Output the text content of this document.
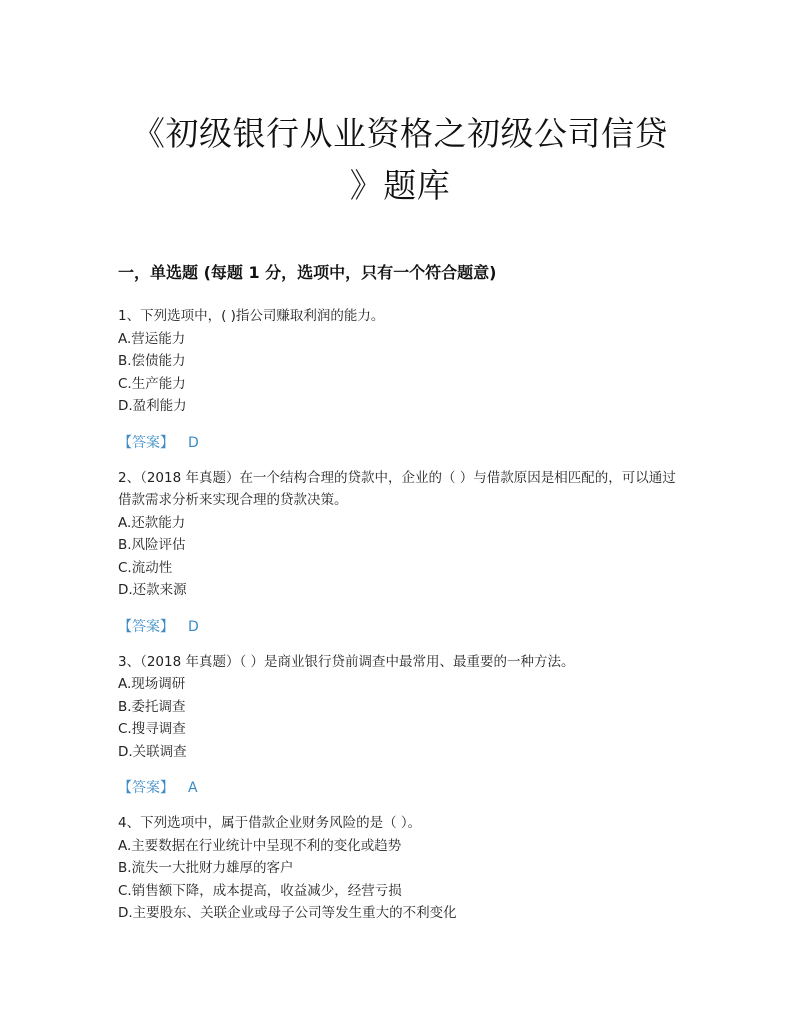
《初级银行从业资格之初级公司信贷
》题库
一，单选题 (每题 1 分，选项中，只有一个符合题意)
1、下列选项中，( )指公司赚取利润的能力。
A.营运能力
B.偿债能力
C.生产能力
D.盈利能力
【答案】 D
2、（2018 年真题）在一个结构合理的贷款中，企业的（ ）与借款原因是相匹配的，可以通过借款需求分析来实现合理的贷款决策。
A.还款能力
B.风险评估
C.流动性
D.还款来源
【答案】 D
3、（2018 年真题）（ ）是商业银行贷前调查中最常用、最重要的一种方法。
A.现场调研
B.委托调查
C.搜寻调查
D.关联调查
【答案】 A
4、下列选项中，属于借款企业财务风险的是（ ）。
A.主要数据在行业统计中呈现不利的变化或趋势
B.流失一大批财力雄厚的客户
C.销售额下降，成本提高，收益减少，经营亏损
D.主要股东、关联企业或母子公司等发生重大的不利变化
